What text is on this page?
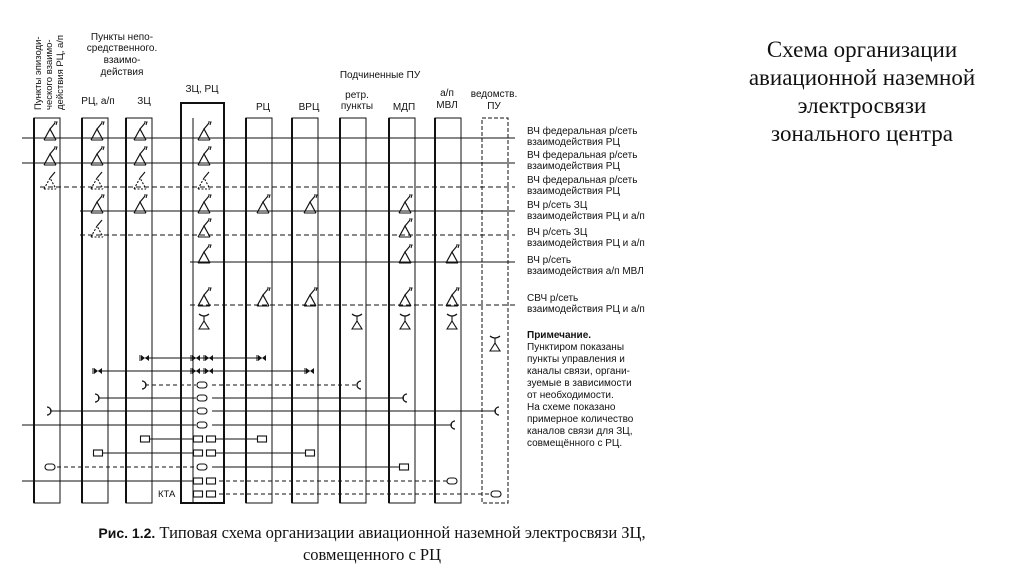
Пункты эпизоди- ческого взаимо- действия РЦ, а/п Пункты непо-
средственного.
взаимо-
действия
РЦ, а/п ЗЦ
ЗЦ, РЦ
Подчиненные ПУ
РЦ	ВРЦ
ретр.
пункты МДП
а/п
МВЛ
ведомств.
ПУ
КТА
ВЧ федеральная р/сеть
взаимодействия РЦ
ВЧ федеральная р/сеть
взаимодействия РЦ
ВЧ федеральная р/сеть
взаимодействия РЦ
ВЧ р/сеть ЗЦ
взаимодействия РЦ и а/п
ВЧ р/сеть ЗЦ
взаимодействия РЦ и а/п
ВЧ р/сеть
взаимодействия а/п МВЛ
СВЧ р/сеть
взаимодействия РЦ и а/п
Примечание.
Пунктиром показаны
пункты управления и
каналы связи, органи-
зуемые в зависимости
от необходимости.
На схеме показано
примерное количество
каналов связи для ЗЦ,
совмещённого с РЦ.
Схема организации
авиационной наземной
электросвязи
зонального центра
Рис. 1.2. Типовая схема организации авиационной наземной электросвязи ЗЦ,
совмещенного с РЦ
